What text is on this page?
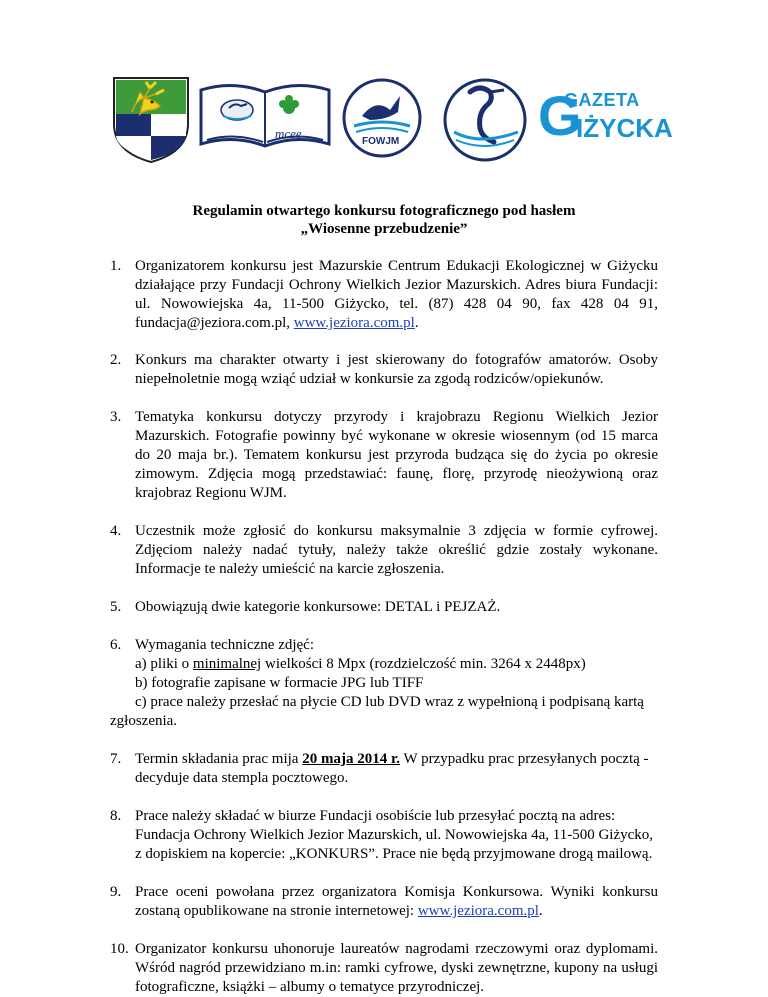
mcee
FOWJM
GAZETA
G
IŻYCKA
Regulamin otwartego konkursu fotograficznego pod hasłem
„Wiosenne przebudzenie”
1. Organizatorem konkursu jest Mazurskie Centrum Edukacji Ekologicznej w Giżycku działające przy Fundacji Ochrony Wielkich Jezior Mazurskich. Adres biura Fundacji: ul. Nowowiejska 4a, 11-500 Giżycko, tel. (87) 428 04 90, fax 428 04 91, fundacja@jeziora.com.pl, www.jeziora.com.pl.
2. Konkurs ma charakter otwarty i jest skierowany do fotografów amatorów. Osoby niepełnoletnie mogą wziąć udział w konkursie za zgodą rodziców/opiekunów.
3. Tematyka konkursu dotyczy przyrody i krajobrazu Regionu Wielkich Jezior Mazurskich. Fotografie powinny być wykonane w okresie wiosennym (od 15 marca do 20 maja br.). Tematem konkursu jest przyroda budząca się do życia po okresie zimowym. Zdjęcia mogą przedstawiać: faunę, florę, przyrodę nieożywioną oraz krajobraz Regionu WJM.
4. Uczestnik może zgłosić do konkursu maksymalnie 3 zdjęcia w formie cyfrowej. Zdjęciom należy nadać tytuły, należy także określić gdzie zostały wykonane. Informacje te należy umieścić na karcie zgłoszenia.
5. Obowiązują dwie kategorie konkursowe: DETAL i PEJZAŻ.
6. Wymagania techniczne zdjęć:
a) pliki o minimalnej wielkości 8 Mpx (rozdzielczość min. 3264 x 2448px)
b) fotografie zapisane w formacie JPG lub TIFF
c) prace należy przesłać na płycie CD lub DVD wraz z wypełnioną i podpisaną kartą
zgłoszenia.
7. Termin składania prac mija 20 maja 2014 r. W przypadku prac przesyłanych pocztą - decyduje data stempla pocztowego.
8. Prace należy składać w biurze Fundacji osobiście lub przesyłać pocztą na adres:
Fundacja Ochrony Wielkich Jezior Mazurskich, ul. Nowowiejska 4a, 11-500 Giżycko,
z dopiskiem na kopercie: „KONKURS”. Prace nie będą przyjmowane drogą mailową.
9. Prace oceni powołana przez organizatora Komisja Konkursowa. Wyniki konkursu zostaną opublikowane na stronie internetowej: www.jeziora.com.pl.
10. Organizator konkursu uhonoruje laureatów nagrodami rzeczowymi oraz dyplomami. Wśród nagród przewidziano m.in: ramki cyfrowe, dyski zewnętrzne, kupony na usługi fotograficzne, książki – albumy o tematyce przyrodniczej.
